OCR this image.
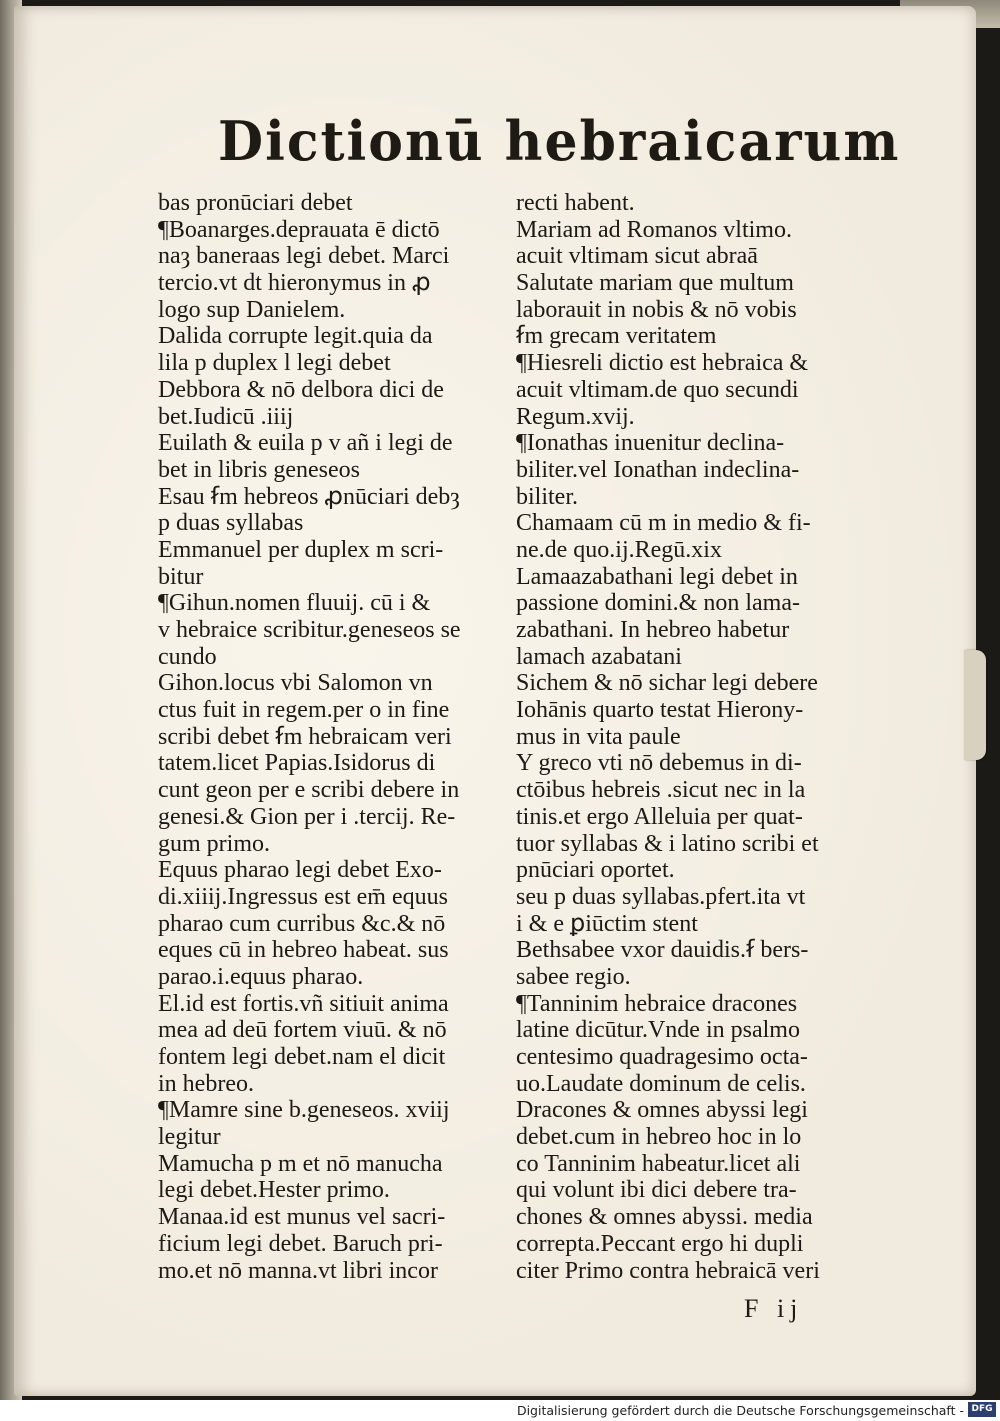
Dictionū hebraicarum
bas pronūciari debet
¶Boanarges.deprauata ē dictō
naȝ baneraas legi debet. Marci
tercio.vt dt hieronymus in ꝓ
logo sup Danielem.
Dalida corrupte legit.quia da
lila p duplex l legi debet
Debbora & nō delbora dici de
bet.Iudicū .iiij
Euilath & euila p v añ i legi de
bet in libris geneseos
Esau ẜm hebreos ꝓnūciari debȝ
p duas syllabas
Emmanuel per duplex m scri-
bitur
¶Gihun.nomen fluuij. cū i &
v hebraice scribitur.geneseos se
cundo
Gihon.locus vbi Salomon vn
ctus fuit in regem.per o in fine
scribi debet ẜm hebraicam veri
tatem.licet Papias.Isidorus di
cunt geon per e scribi debere in
genesi.& Gion per i .tercij. Re-
gum primo.
Equus pharao legi debet Exo-
di.xiiij.Ingressus est em̄ equus
pharao cum curribus &c.& nō
eques cū in hebreo habeat. sus
parao.i.equus pharao.
El.id est fortis.vñ sitiuit anima
mea ad deū fortem viuū. & nō
fontem legi debet.nam el dicit
in hebreo.
¶Mamre sine b.geneseos. xviij
legitur
Mamucha p m et nō manucha
legi debet.Hester primo.
Manaa.id est munus vel sacri-
ficium legi debet. Baruch pri-
mo.et nō manna.vt libri incor
recti habent.
Mariam ad Romanos vltimo.
acuit vltimam sicut abraā
Salutate mariam que multum
laborauit in nobis & nō vobis
ẜm grecam veritatem
¶Hiesreli dictio est hebraica &
acuit vltimam.de quo secundi
Regum.xvij.
¶Ionathas inuenitur declina-
biliter.vel Ionathan indeclina-
biliter.
Chamaam cū m in medio & fi-
ne.de quo.ij.Regū.xix
Lamaazabathani legi debet in
passione domini.& non lama-
zabathani. In hebreo habetur
lamach azabatani
Sichem & nō sichar legi debere
Iohānis quarto testat Hierony-
mus in vita paule
Y greco vti nō debemus in di-
ctōibus hebreis .sicut nec in la
tinis.et ergo Alleluia per quat-
tuor syllabas & i latino scribi et
pnūciari oportet.
seu p duas syllabas.pfert.ita vt
i & e ꝑiūctim stent
Bethsabee vxor dauidis.ẜ bers-
sabee regio.
¶Tanninim hebraice dracones
latine dicūtur.Vnde in psalmo
centesimo quadragesimo octa-
uo.Laudate dominum de celis.
Dracones & omnes abyssi legi
debet.cum in hebreo hoc in lo
co Tanninim habeatur.licet ali
qui volunt ibi dici debere tra-
chones & omnes abyssi. media
correpta.Peccant ergo hi dupli
citer Primo contra hebraicā veri
F ij
Digitalisierung gefördert durch die Deutsche Forschungsgemeinschaft - DFG
